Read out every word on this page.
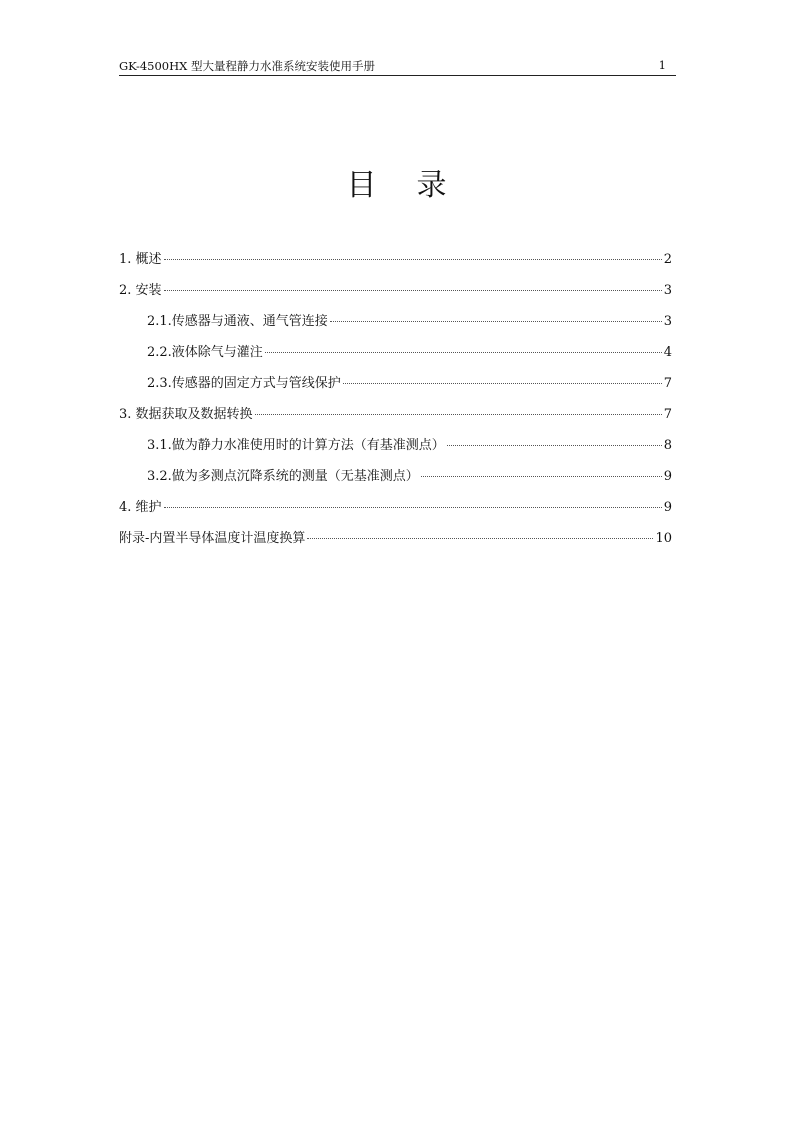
GK-4500HX 型大量程静力水准系统安装使用手册	1
目 录
1. 概述	2
2. 安装	3
2.1.传感器与通液、通气管连接	3
2.2.液体除气与灌注	4
2.3.传感器的固定方式与管线保护	7
3. 数据获取及数据转换	7
3.1.做为静力水准使用时的计算方法（有基准测点）	8
3.2.做为多测点沉降系统的测量（无基准测点）	9
4. 维护	9
附录-内置半导体温度计温度换算	10
